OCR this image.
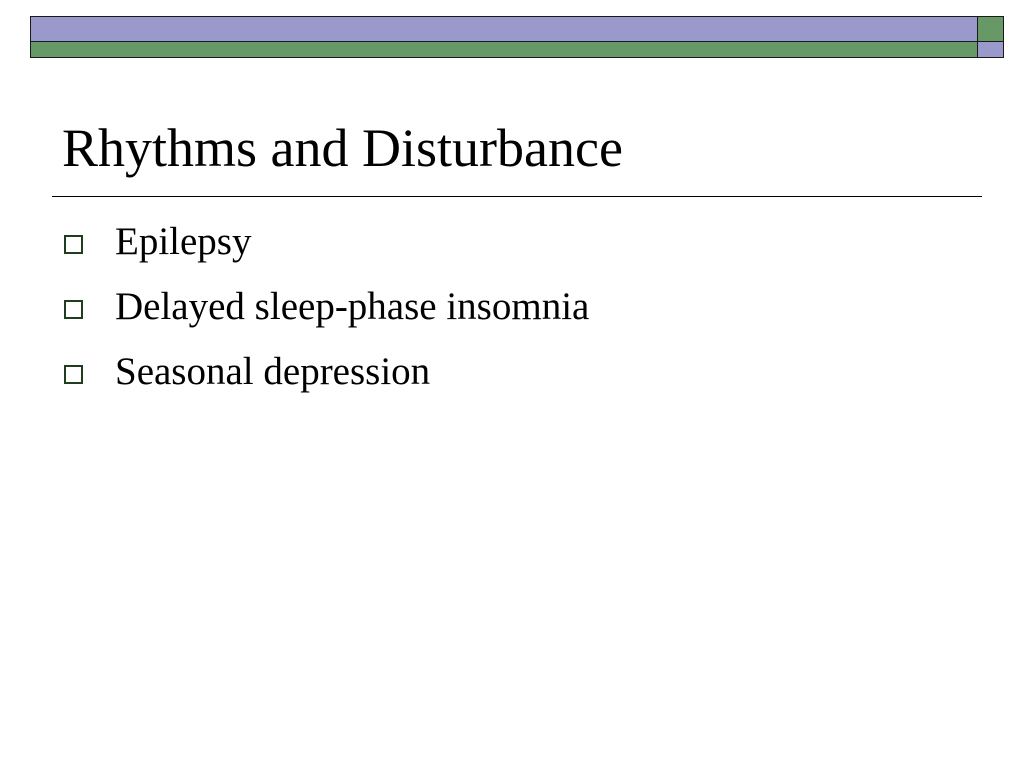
Rhythms and Disturbance
Epilepsy
Delayed sleep-phase insomnia
Seasonal depression
